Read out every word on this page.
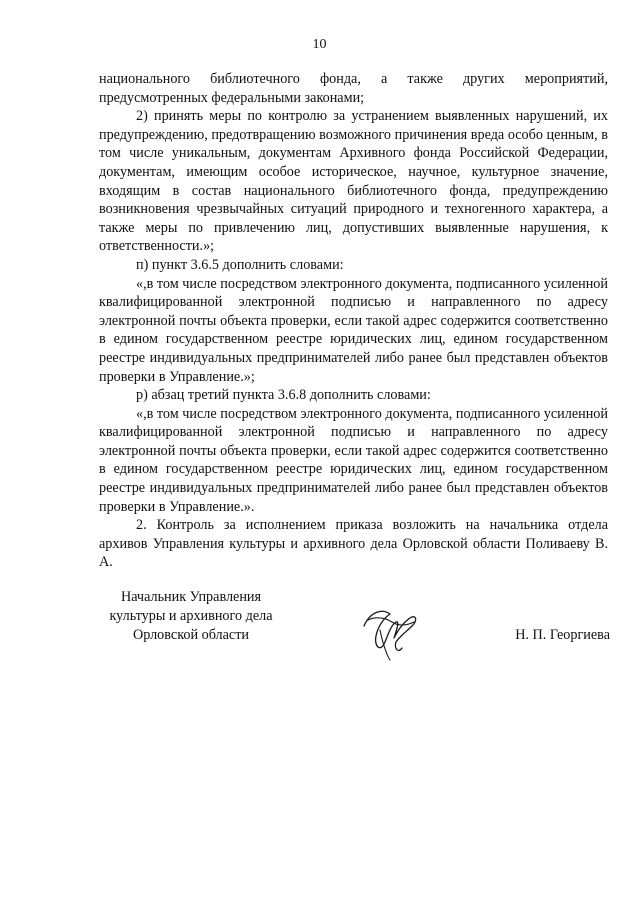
10

национального библиотечного фонда, а также других мероприятий, предусмотренных федеральными законами;

2) принять меры по контролю за устранением выявленных нарушений, их предупреждению, предотвращению возможного причинения вреда особо ценным, в том числе уникальным, документам Архивного фонда Российской Федерации, документам, имеющим особое историческое, научное, культурное значение, входящим в состав национального библиотечного фонда, предупреждению возникновения чрезвычайных ситуаций природного и техногенного характера, а также меры по привлечению лиц, допустивших выявленные нарушения, к ответственности.»;

п) пункт 3.6.5 дополнить словами:

«,в том числе посредством электронного документа, подписанного усиленной квалифицированной электронной подписью и направленного по адресу электронной почты объекта проверки, если такой адрес содержится соответственно в едином государственном реестре юридических лиц, едином государственном реестре индивидуальных предпринимателей либо ранее был представлен объектов проверки в Управление.»;

р) абзац третий пункта 3.6.8 дополнить словами:

«,в том числе посредством электронного документа, подписанного усиленной квалифицированной электронной подписью и направленного по адресу электронной почты объекта проверки, если такой адрес содержится соответственно в едином государственном реестре юридических лиц, едином государственном реестре индивидуальных предпринимателей либо ранее был представлен объектов проверки в Управление.».

2. Контроль за исполнением приказа возложить на начальника отдела архивов Управления культуры и архивного дела Орловской области Поливаеву В. А.

Начальник Управления
культуры и архивного дела
Орловской области	Н. П. Георгиева
